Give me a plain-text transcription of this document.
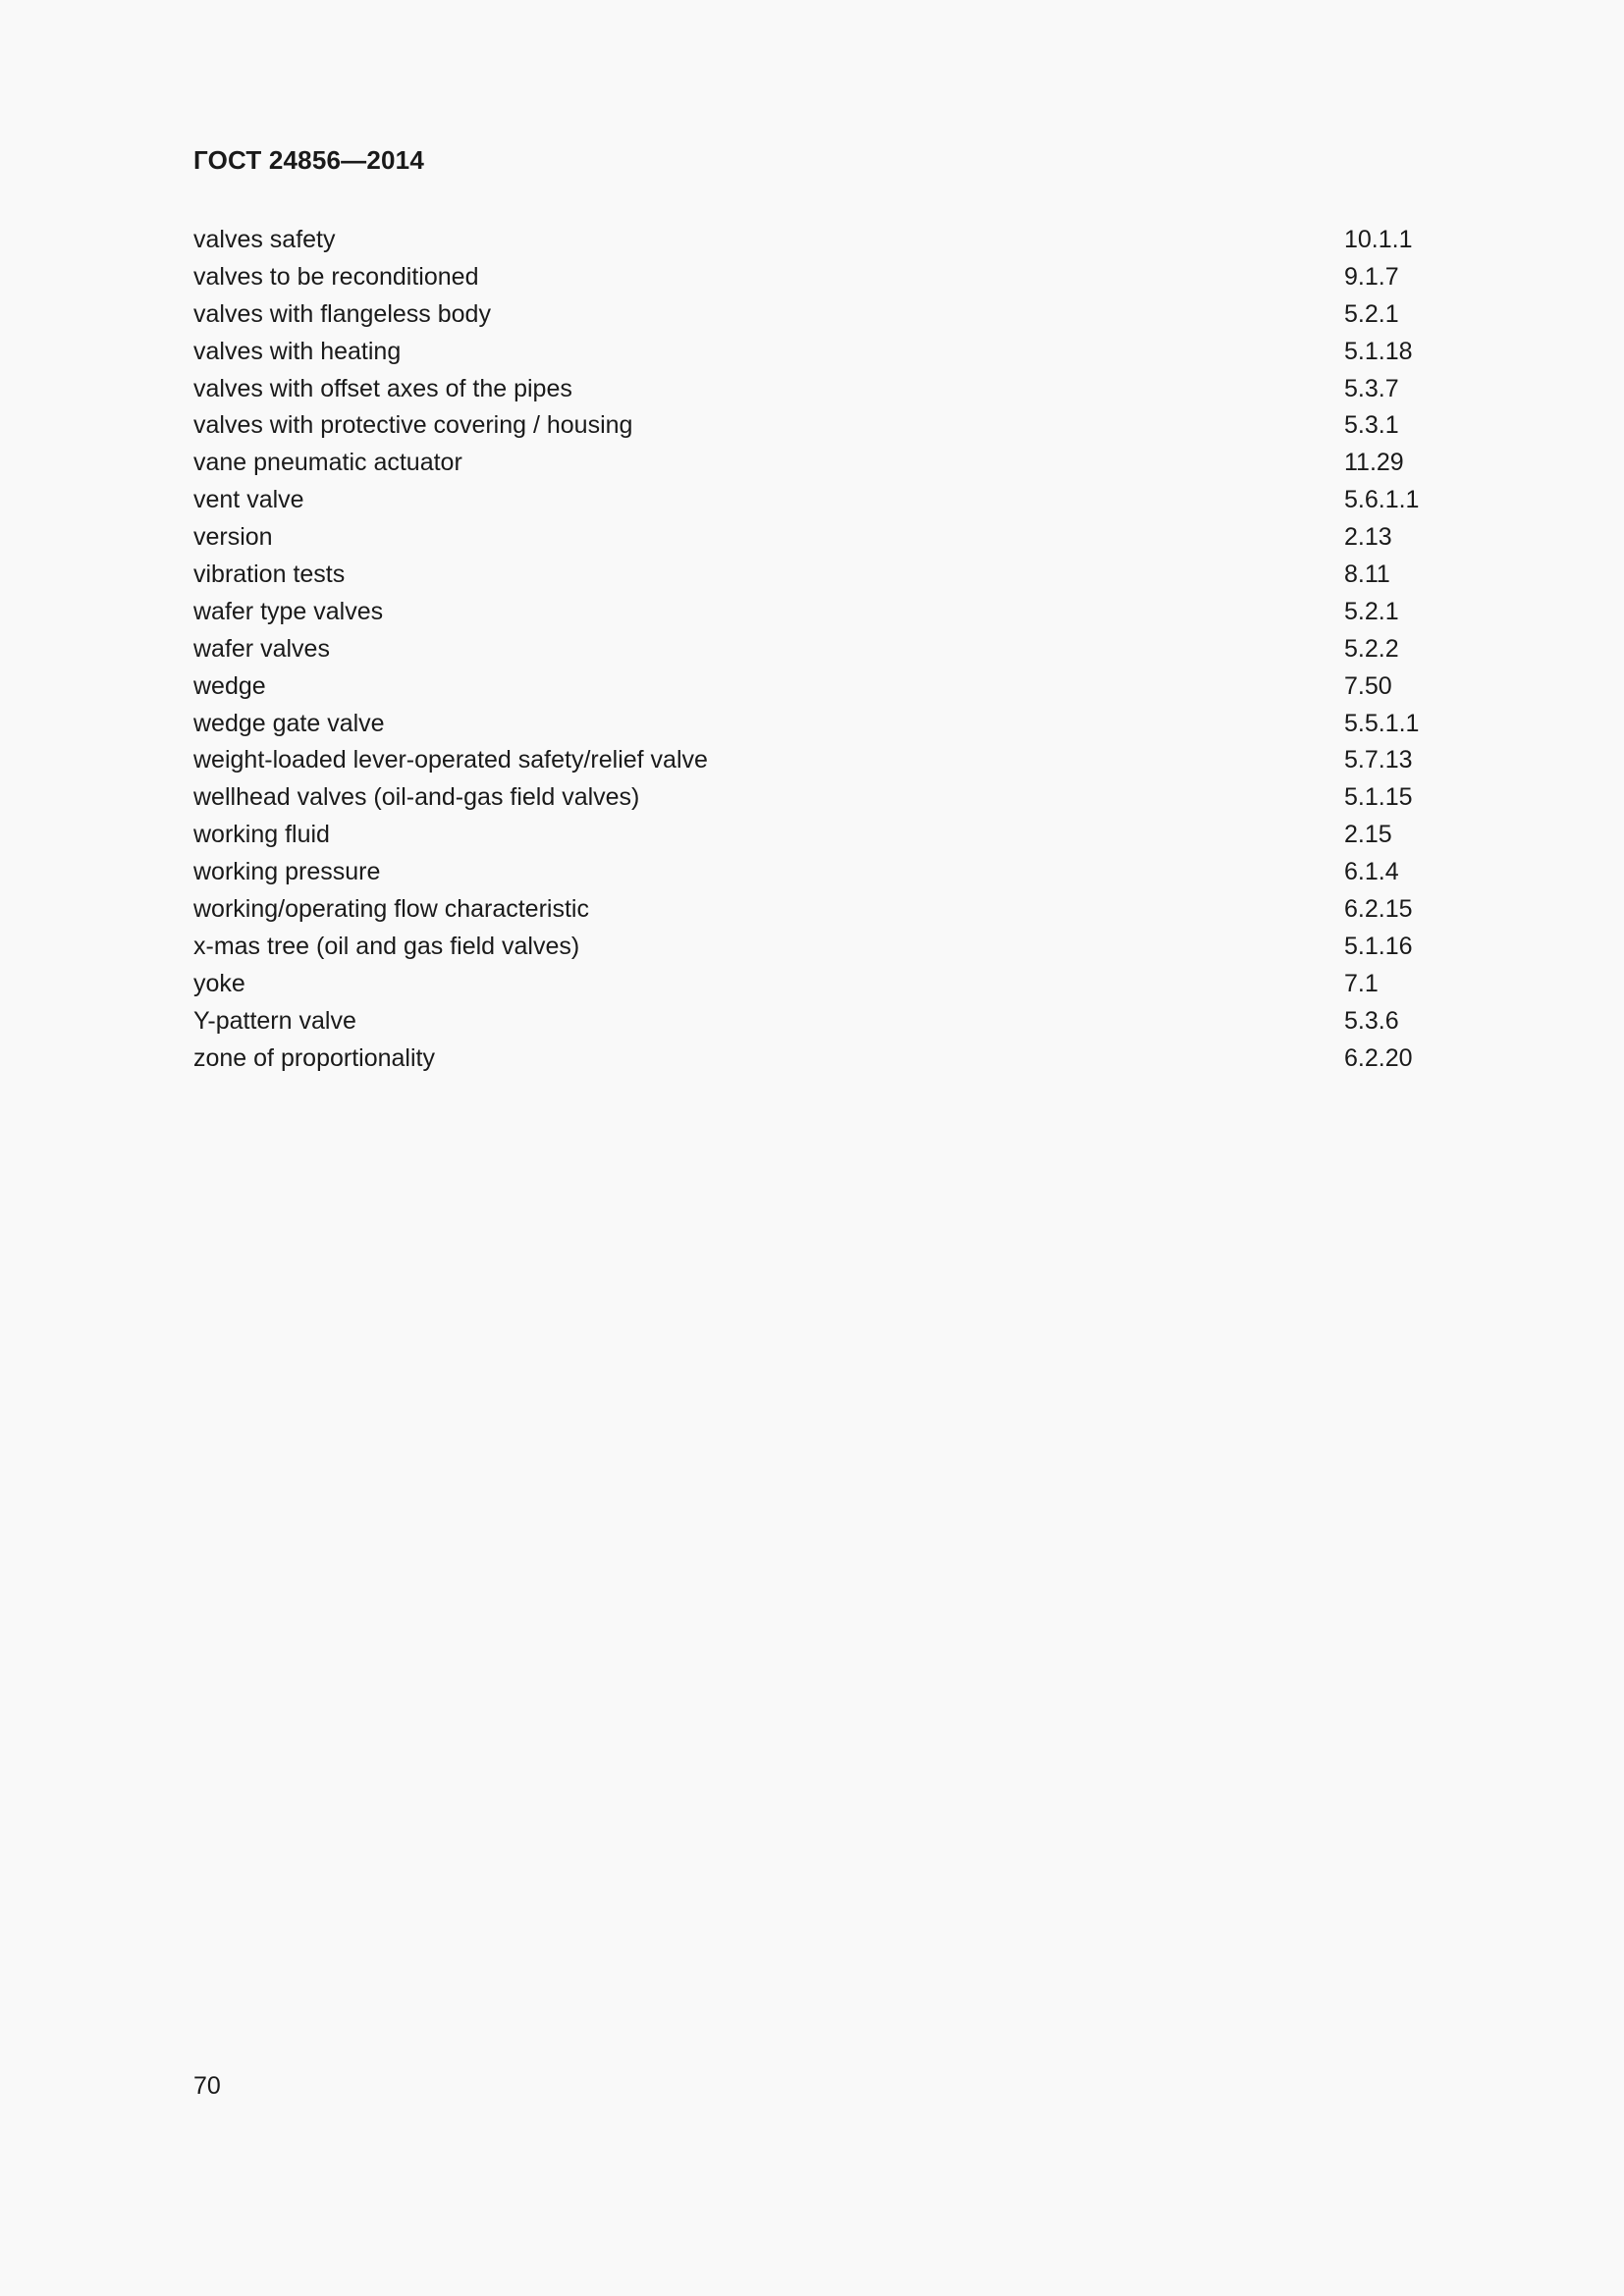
ГОСТ 24856—2014
valves safety	10.1.1
valves to be reconditioned	9.1.7
valves with flangeless body	5.2.1
valves with heating	5.1.18
valves with offset axes of the pipes	5.3.7
valves with protective covering / housing	5.3.1
vane pneumatic actuator	11.29
vent valve	5.6.1.1
version	2.13
vibration tests	8.11
wafer type valves	5.2.1
wafer valves	5.2.2
wedge	7.50
wedge gate valve	5.5.1.1
weight-loaded lever-operated safety/relief valve	5.7.13
wellhead valves (oil-and-gas field valves)	5.1.15
working fluid	2.15
working pressure	6.1.4
working/operating flow characteristic	6.2.15
x-mas tree (oil and gas field valves)	5.1.16
yoke	7.1
Y-pattern valve	5.3.6
zone of proportionality	6.2.20
70
